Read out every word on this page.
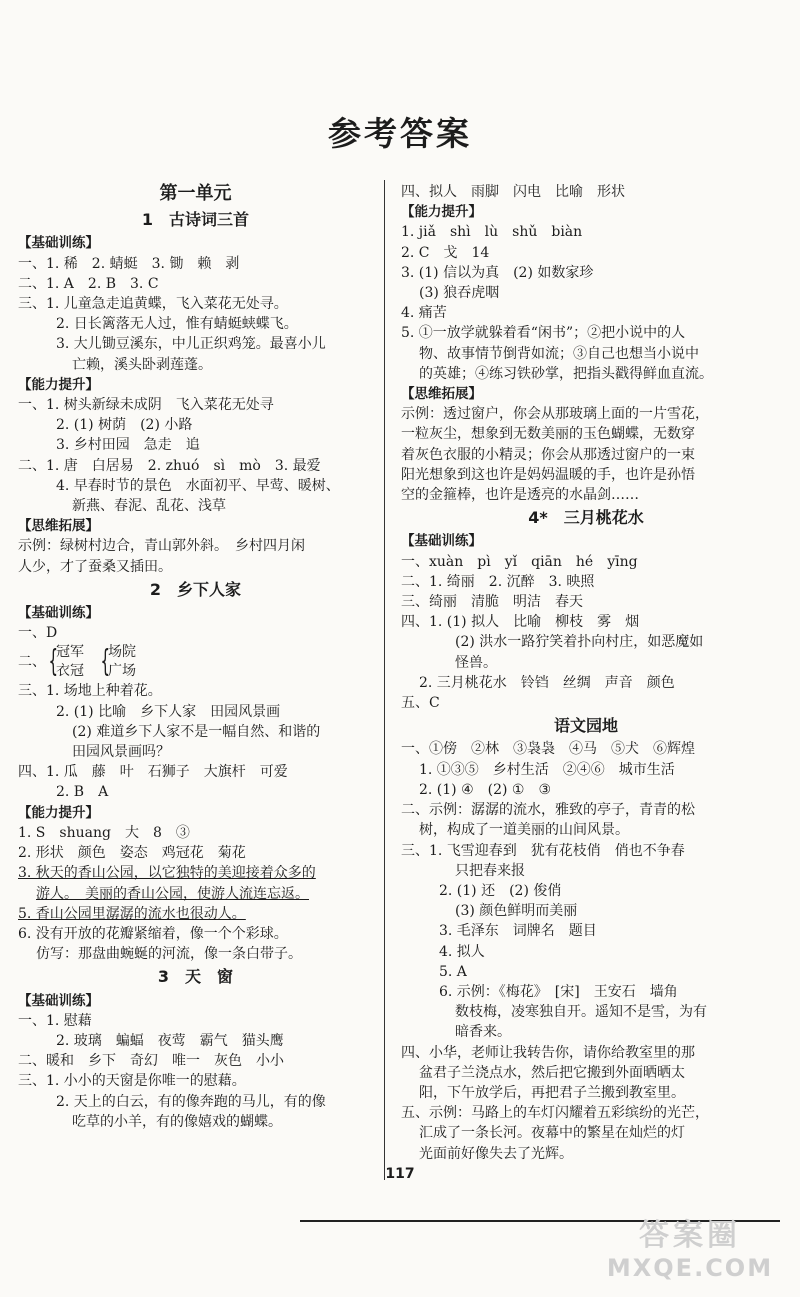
参考答案
第一单元
1　古诗词三首
【基础训练】
一、1. 稀　2. 蜻蜓　3. 锄　赖　剥
二、1. A　2. B　3. C
三、1. 儿童急走追黄蝶，飞入菜花无处寻。
2. 日长篱落无人过，惟有蜻蜓蛱蝶飞。
3. 大儿锄豆溪东，中儿正织鸡笼。最喜小儿
亡赖，溪头卧剥莲蓬。
【能力提升】
一、1. 树头新绿未成阴　飞入菜花无处寻
2. (1) 树荫　(2) 小路
3. 乡村田园　急走　追
二、1. 唐　白居易　2. zhuó　sì　mò　3. 最爱
4. 早春时节的景色　水面初平、早莺、暖树、
新燕、春泥、乱花、浅草
【思维拓展】
示例：绿树村边合，青山郭外斜。　乡村四月闲
人少，才了蚕桑又插田。
2　乡下人家
【基础训练】
一、D
二、 {
冠军
衣冠 {
场院
广场
三、1. 场地上种着花。
2. (1) 比喻　乡下人家　田园风景画
(2) 难道乡下人家不是一幅自然、和谐的
田园风景画吗？
四、1. 瓜　藤　叶　石狮子　大旗杆　可爱
2. B　A
【能力提升】
1. S　shuang　大　8　③
2. 形状　颜色　姿态　鸡冠花　菊花
3. 秋天的香山公园，以它独特的美迎接着众多的
游人。　美丽的香山公园，使游人流连忘返。
5. 香山公园里潺潺的流水也很动人。
6. 没有开放的花瓣紧缩着，像一个个彩球。
仿写：那盘曲蜿蜒的河流，像一条白带子。
3　天　窗
【基础训练】
一、1. 慰藉
2. 玻璃　蝙蝠　夜莺　霸气　猫头鹰
二、暖和　乡下　奇幻　唯一　灰色　小小
三、1. 小小的天窗是你唯一的慰藉。
2. 天上的白云，有的像奔跑的马儿，有的像
吃草的小羊，有的像嬉戏的蝴蝶。
四、拟人　雨脚　闪电　比喻　形状
【能力提升】
1. jiǎ　shì　lù　shǔ　biàn
2. C　戈　14
3. (1) 信以为真　(2) 如数家珍
(3) 狼吞虎咽
4. 痛苦
5. ①一放学就躲着看“闲书”；②把小说中的人
物、故事情节倒背如流；③自己也想当小说中
的英雄；④练习铁砂掌，把指头戳得鲜血直流。
【思维拓展】
示例：透过窗户，你会从那玻璃上面的一片雪花，
一粒灰尘，想象到无数美丽的玉色蝴蝶，无数穿
着灰色衣服的小精灵；你会从那透过窗户的一束
阳光想象到这也许是妈妈温暖的手，也许是孙悟
空的金箍棒，也许是透亮的水晶剑……
4*　三月桃花水
【基础训练】
一、xuàn　pì　yǐ　qiān　hé　yīng
二、1. 绮丽　2. 沉醉　3. 映照
三、绮丽　清脆　明洁　春天
四、1. (1) 拟人　比喻　柳枝　雾　烟
(2) 洪水一路狞笑着扑向村庄，如恶魔如
怪兽。
2. 三月桃花水　铃铛　丝绸　声音　颜色
五、C
语文园地
一、①傍　②林　③袅袅　④马　⑤犬　⑥辉煌
1. ①③⑤　乡村生活　②④⑥　城市生活
2. (1) ④　(2) ①　③
二、示例：潺潺的流水，雅致的亭子，青青的松
树，构成了一道美丽的山间风景。
三、1. 飞雪迎春到　犹有花枝俏　俏也不争春
只把春来报
2. (1) 还　(2) 俊俏
(3) 颜色鲜明而美丽
3. 毛泽东　词牌名　题目
4. 拟人
5. A
6. 示例：《梅花》　[宋]　王安石　墙角
数枝梅，凌寒独自开。遥知不是雪，为有
暗香来。
四、小华，老师让我转告你，请你给教室里的那
盆君子兰浇点水，然后把它搬到外面晒晒太
阳，下午放学后，再把君子兰搬到教室里。
五、示例：马路上的车灯闪耀着五彩缤纷的光芒，
汇成了一条长河。夜幕中的繁星在灿烂的灯
光面前好像失去了光辉。
117
答案圈
MXQE.COM
